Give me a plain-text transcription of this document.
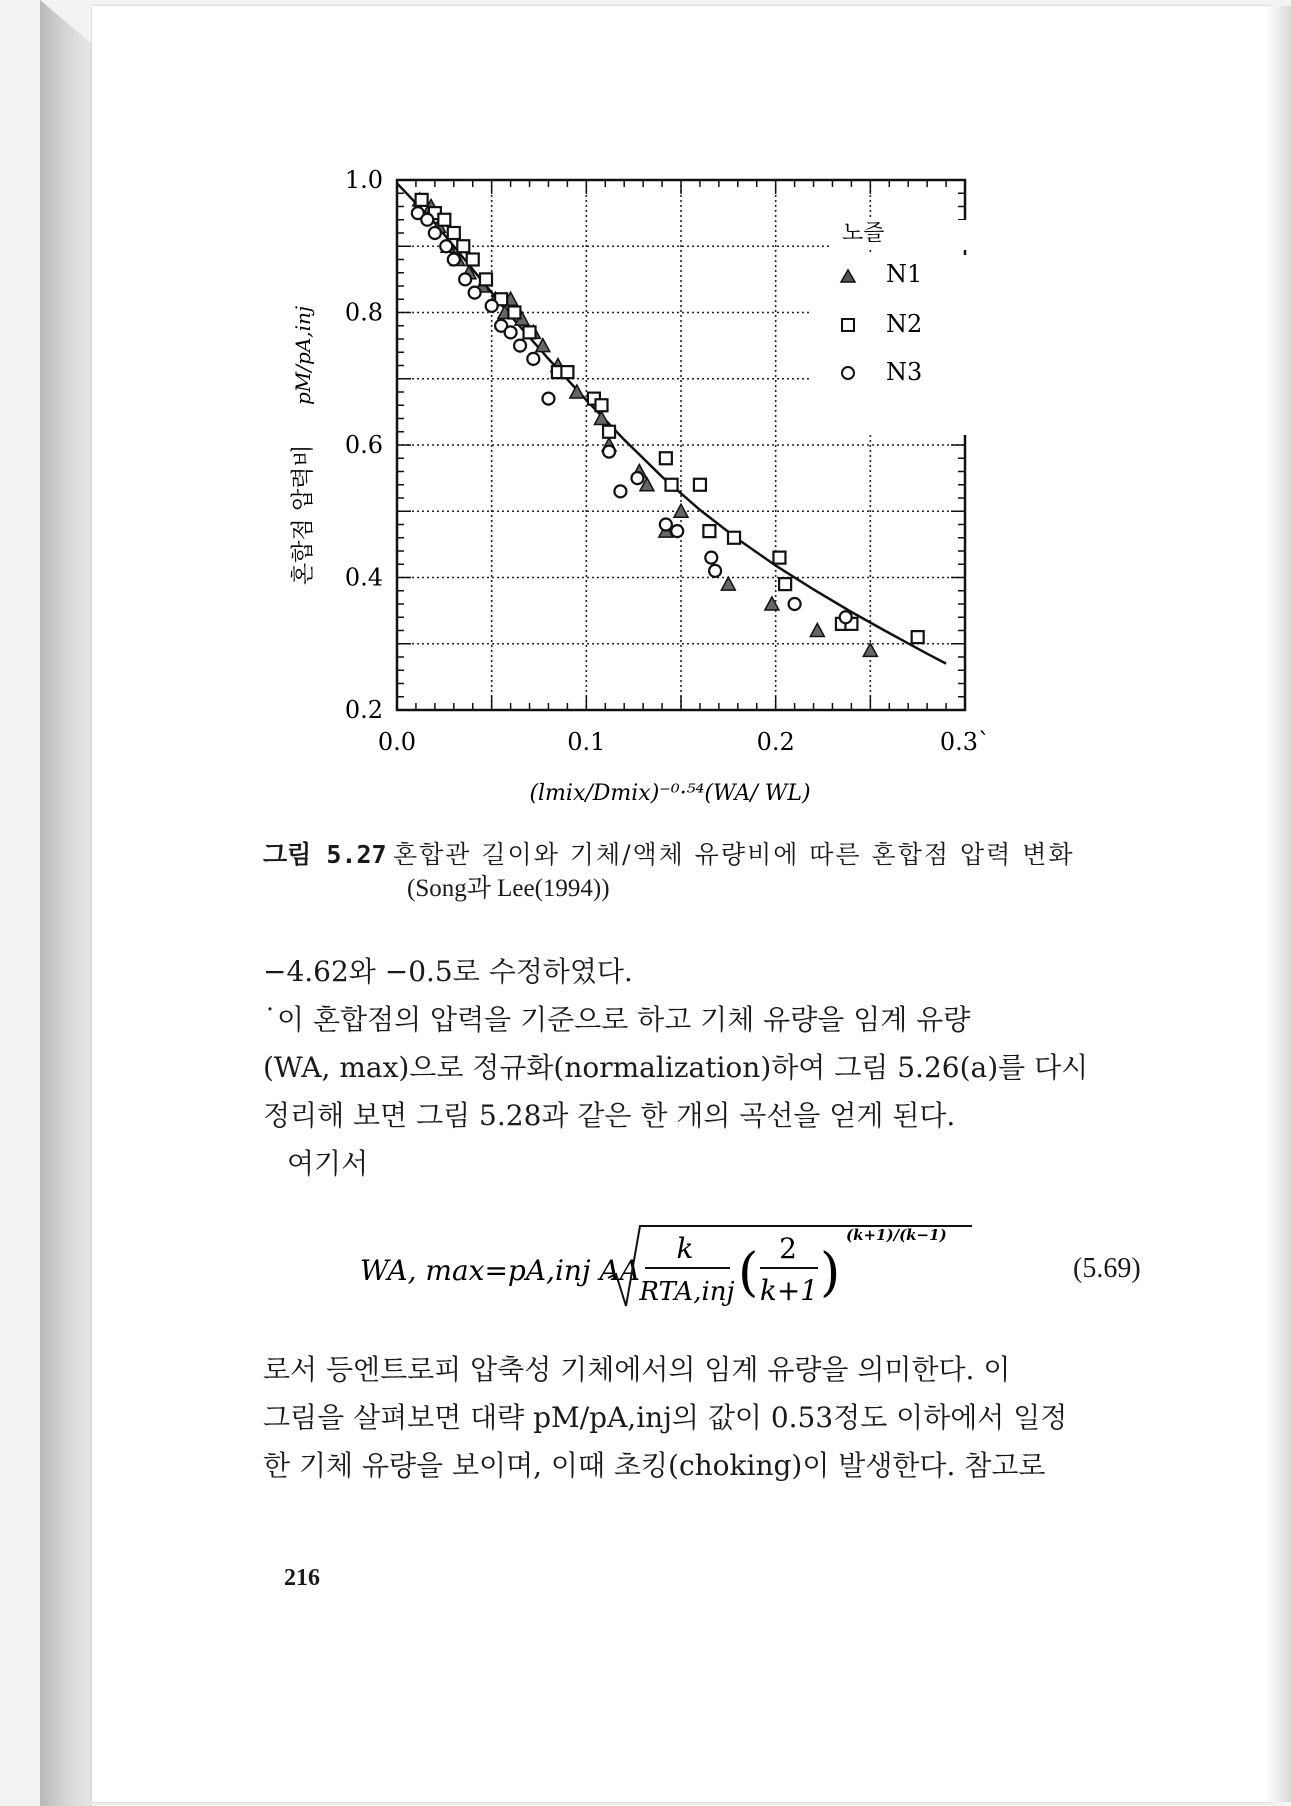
0.0	0.1	0.2	0.3`
0.2
0.4
0.6
0.8
1.0
혼합점 압력비
pM/pA,inj
(lmix/Dmix)⁻⁰·⁵⁴(WA/ WL)
노즐
N1
N2
N3
그림 5.27 혼합관 길이와 기체/액체 유량비에 따른 혼합점 압력 변화
(Song과 Lee(1994))
−4.62와 −0.5로 수정하였다.
˙이 혼합점의 압력을 기준으로 하고 기체 유량을 임계 유량
(WA, max)으로 정규화(normalization)하여 그림 5.26(a)를 다시
정리해 보면 그림 5.28과 같은 한 개의 곡선을 얻게 된다.
여기서
WA, max=pA,inj AA
k
RTA,inj ( 2
k+1 )
(k+1)/(k−1)
(5.69)
로서 등엔트로피 압축성 기체에서의 임계 유량을 의미한다. 이
그림을 살펴보면 대략 pM/pA,inj의 값이 0.53정도 이하에서 일정
한 기체 유량을 보이며, 이때 초킹(choking)이 발생한다. 참고로
216
